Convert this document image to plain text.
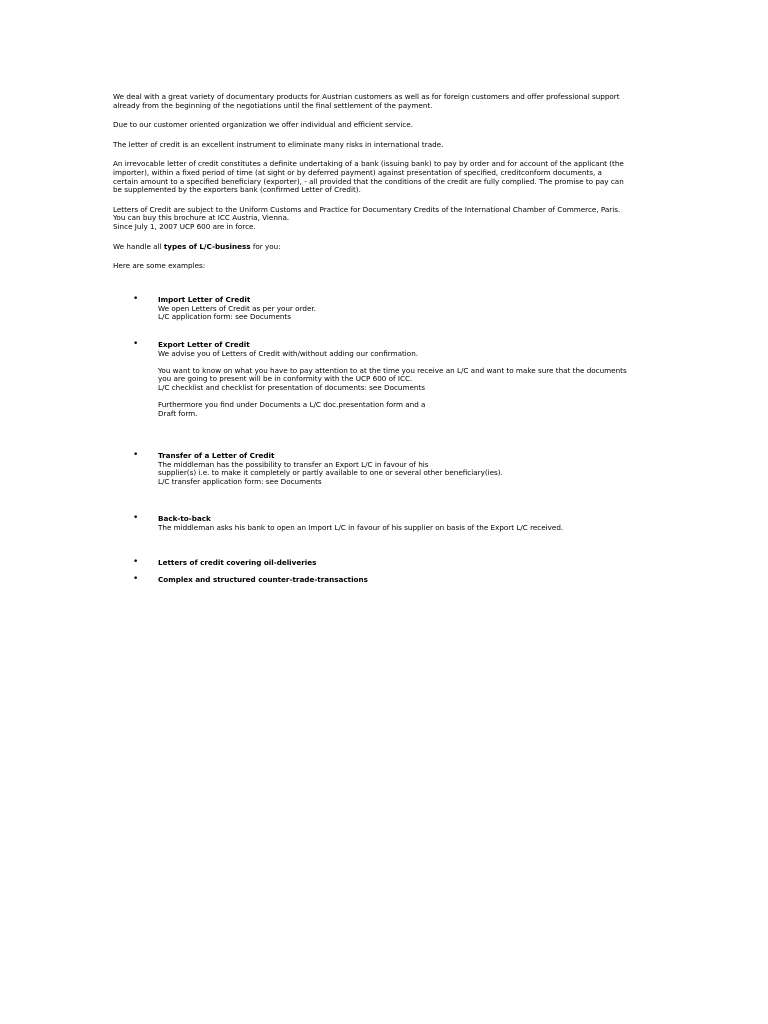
We deal with a great variety of documentary products for Austrian customers as well as for foreign customers and offer professional support
already from the beginning of the negotiations until the final settlement of the payment.

Due to our customer oriented organization we offer individual and efficient service.

The letter of credit is an excellent instrument to eliminate many risks in international trade.

An irrevocable letter of credit constitutes a definite undertaking of a bank (issuing bank) to pay by order and for account of the applicant (the
importer), within a fixed period of time (at sight or by deferred payment) against presentation of specified, creditconform documents, a
certain amount to a specified beneficiary (exporter), - all provided that the conditions of the credit are fully complied. The promise to pay can
be supplemented by the exporters bank (confirmed Letter of Credit).

Letters of Credit are subject to the Uniform Customs and Practice for Documentary Credits of the International Chamber of Commerce, Paris.
You can buy this brochure at ICC Austria, Vienna.
Since July 1, 2007 UCP 600 are in force.

We handle all types of L/C-business for you:

Here are some examples:

•	Import Letter of Credit
We open Letters of Credit as per your order.
L/C application form: see Documents
•	Export Letter of Credit
We advise you of Letters of Credit with/without adding our confirmation.
You want to know on what you have to pay attention to at the time you receive an L/C and want to make sure that the documents
you are going to present will be in conformity with the UCP 600 of ICC.
L/C checklist and checklist for presentation of documents: see Documents
Furthermore you find under Documents a L/C doc.presentation form and a
Draft form.
•	Transfer of a Letter of Credit
The middleman has the possibility to transfer an Export L/C in favour of his
supplier(s) i.e. to make it completely or partly available to one or several other beneficiary(ies).
L/C transfer application form: see Documents
•	Back-to-back
The middleman asks his bank to open an Import L/C in favour of his supplier on basis of the Export L/C received.
•	Letters of credit covering oil-deliveries
•	Complex and structured counter-trade-transactions
